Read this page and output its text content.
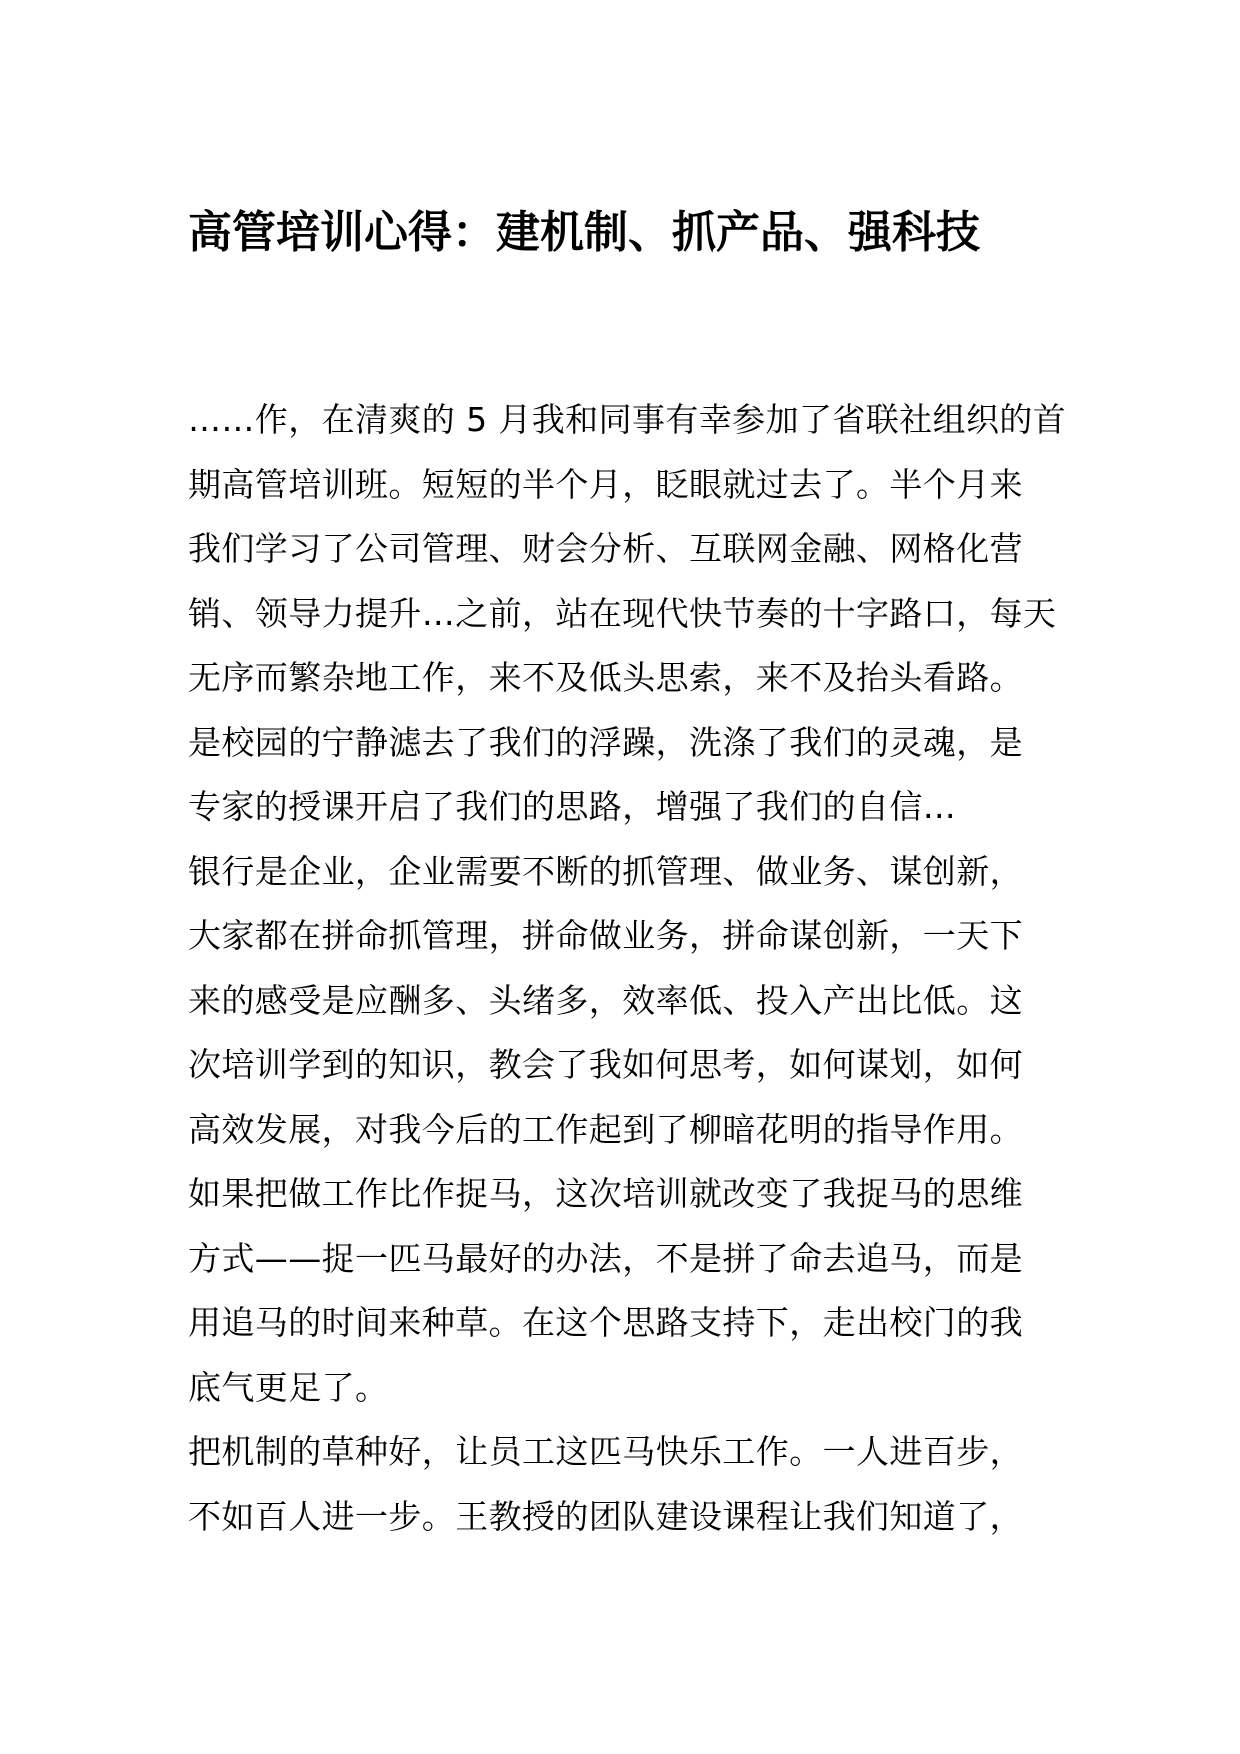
高管培训心得：建机制、抓产品、强科技
……作，在清爽的 5 月我和同事有幸参加了省联社组织的首
期高管培训班。短短的半个月，眨眼就过去了。半个月来
我们学习了公司管理、财会分析、互联网金融、网格化营
销、领导力提升…之前，站在现代快节奏的十字路口，每天
无序而繁杂地工作，来不及低头思索，来不及抬头看路。
是校园的宁静滤去了我们的浮躁，洗涤了我们的灵魂，是
专家的授课开启了我们的思路，增强了我们的自信…
银行是企业，企业需要不断的抓管理、做业务、谋创新，
大家都在拼命抓管理，拼命做业务，拼命谋创新，一天下
来的感受是应酬多、头绪多，效率低、投入产出比低。这
次培训学到的知识，教会了我如何思考，如何谋划，如何
高效发展，对我今后的工作起到了柳暗花明的指导作用。
如果把做工作比作捉马，这次培训就改变了我捉马的思维
方式——捉一匹马最好的办法，不是拼了命去追马，而是
用追马的时间来种草。在这个思路支持下，走出校门的我
底气更足了。
把机制的草种好，让员工这匹马快乐工作。一人进百步，
不如百人进一步。王教授的团队建设课程让我们知道了，
